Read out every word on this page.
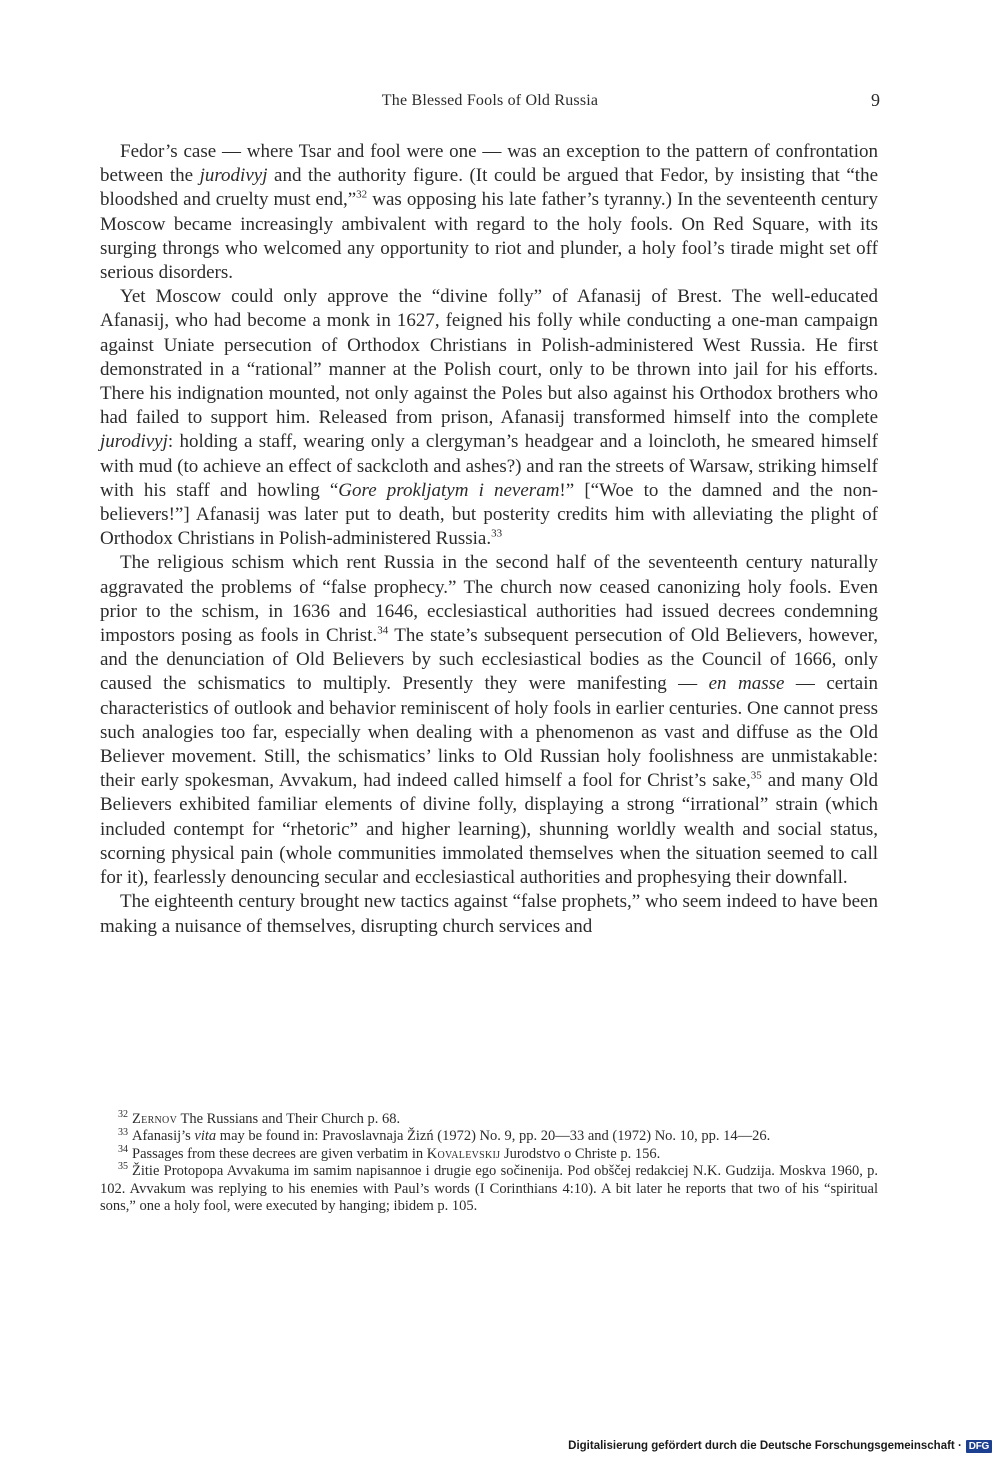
The Blessed Fools of Old Russia	9

Fedor’s case — where Tsar and fool were one — was an exception to the pattern of confrontation between the jurodivyj and the authority figure. (It could be argued that Fedor, by insisting that “the bloodshed and cruelty must end,”$^{32}$ was opposing his late father’s tyranny.) In the seventeenth century Moscow became increasingly ambivalent with regard to the holy fools. On Red Square, with its surging throngs who welcomed any opportunity to riot and plunder, a holy fool’s tirade might set off serious disorders.

Yet Moscow could only approve the “divine folly” of Afanasij of Brest. The well-educated Afanasij, who had become a monk in 1627, feigned his folly while conducting a one-man campaign against Uniate persecution of Orthodox Christians in Polish-administered West Russia. He first demonstrated in a “rational” manner at the Polish court, only to be thrown into jail for his efforts. There his indignation mounted, not only against the Poles but also against his Orthodox brothers who had failed to support him. Released from prison, Afanasij transformed himself into the complete jurodivyj: holding a staff, wearing only a clergyman’s headgear and a loincloth, he smeared himself with mud (to achieve an effect of sackcloth and ashes?) and ran the streets of Warsaw, striking himself with his staff and howling “Gore prokljatym i neveram!” [“Woe to the damned and the non-believers!”] Afanasij was later put to death, but posterity credits him with alleviating the plight of Orthodox Christians in Polish-administered Russia.$^{33}$

The religious schism which rent Russia in the second half of the seventeenth century naturally aggravated the problems of “false prophecy.” The church now ceased canonizing holy fools. Even prior to the schism, in 1636 and 1646, ecclesiastical authorities had issued decrees condemning impostors posing as fools in Christ.$^{34}$ The state’s subsequent persecution of Old Believers, however, and the denunciation of Old Believers by such ecclesiastical bodies as the Council of 1666, only caused the schismatics to multiply. Presently they were manifesting — en masse — certain characteristics of outlook and behavior reminiscent of holy fools in earlier centuries. One cannot press such analogies too far, especially when dealing with a phenomenon as vast and diffuse as the Old Believer movement. Still, the schismatics’ links to Old Russian holy foolishness are unmistakable: their early spokesman, Avvakum, had indeed called himself a fool for Christ’s sake,$^{35}$ and many Old Believers exhibited familiar elements of divine folly, displaying a strong “irrational” strain (which included contempt for “rhetoric” and higher learning), shunning worldly wealth and social status, scorning physical pain (whole communities immolated themselves when the situation seemed to call for it), fearlessly denouncing secular and ecclesiastical authorities and prophesying their downfall.

The eighteenth century brought new tactics against “false prophets,” who seem indeed to have been making a nuisance of themselves, disrupting church services and

$^{32}$ Zernov The Russians and Their Church p. 68.

$^{33}$ Afanasij’s vita may be found in: Pravoslavnaja Žizń (1972) No. 9, pp. 20—33 and (1972) No. 10, pp. 14—26.

$^{34}$ Passages from these decrees are given verbatim in Kovalevskij Jurodstvo o Christe p. 156.

$^{35}$ Žitie Protopopa Avvakuma im samim napisannoe i drugie ego sočinenija. Pod obščej redakciej N.K. Gudzija. Moskva 1960, p. 102. Avvakum was replying to his enemies with Paul’s words (I Corinthians 4:10). A bit later he reports that two of his “spiritual sons,” one a holy fool, were executed by hanging; ibidem p. 105.

Digitalisierung gefördert durch die Deutsche Forschungsgemeinschaft · DFG
